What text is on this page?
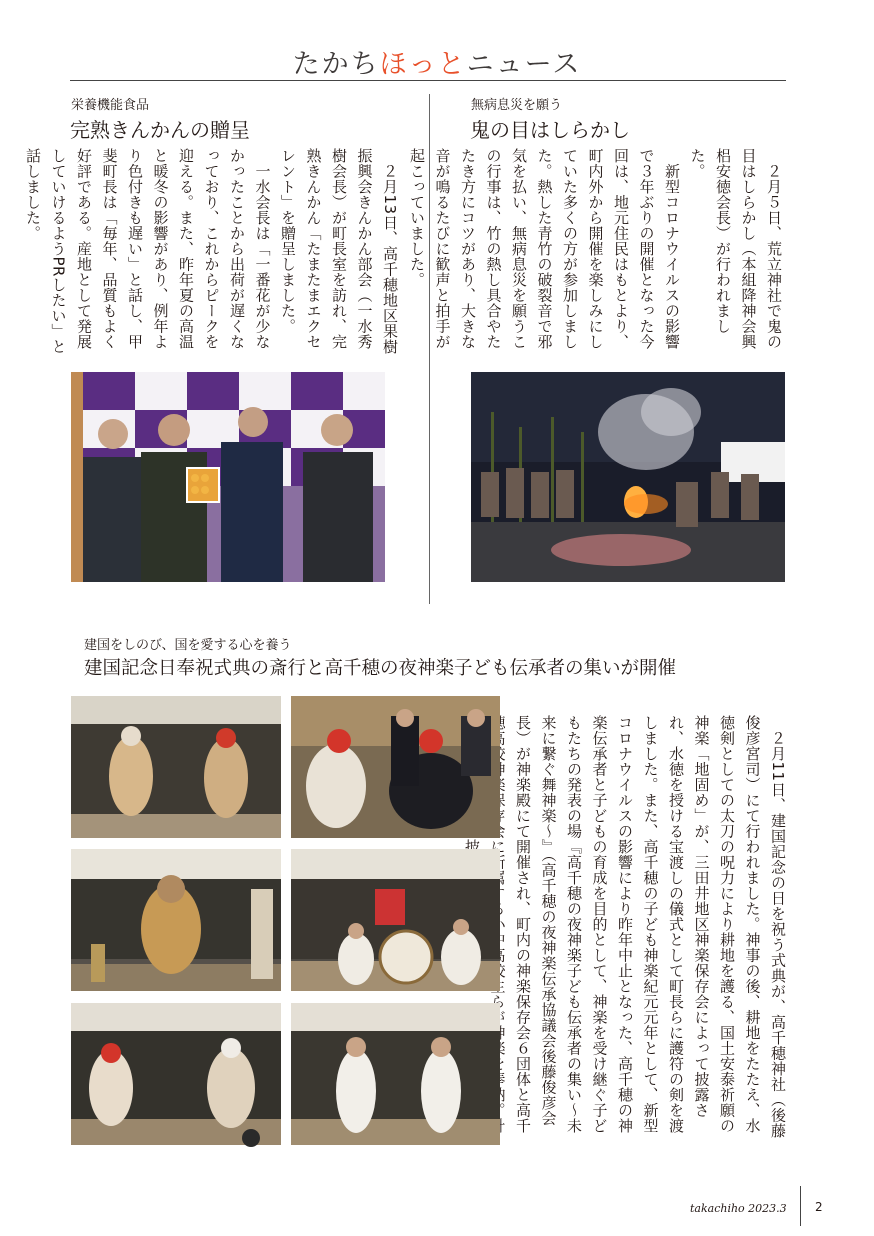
たかちほっとニュース
栄養機能食品
完熟きんかんの贈呈
　２月13日、高千穂地区果樹振興会きんかん部会（一水秀樹会長）が町長室を訪れ、完熟きんかん「たまたまエクセレント」を贈呈しました。
　一水会長は「一番花が少なかったことから出荷が遅くなっており、これからピークを迎える。また、昨年夏の高温と暖冬の影響があり、例年より色付きも遅い」と話し、甲斐町長は「毎年、品質もよく好評である。産地として発展していけるようPRしたい」と話しました。
無病息災を願う
鬼の目はしらかし
　２月５日、荒立神社で鬼の目はしらかし（本組降神会興梠安徳会長）が行われました。
　新型コロナウイルスの影響で３年ぶりの開催となった今回は、地元住民はもとより、町内外から開催を楽しみにしていた多くの方が参加しました。熱した青竹の破裂音で邪気を払い、無病息災を願うこの行事は、竹の熱し具合やたたき方にコツがあり、大きな音が鳴るたびに歓声と拍手が起こっていました。
建国をしのび、国を愛する心を養う
建国記念日奉祝式典の斎行と高千穂の夜神楽子ども伝承者の集いが開催
　２月11日、建国記念の日を祝う式典が、高千穂神社（後藤俊彦宮司）にて行われました。神事の後、耕地をたたえ、水徳剣としての太刀の呪力により耕地を護る、国土安泰祈願の神楽「地固め」が、三田井地区神楽保存会によって披露され、水徳を授ける宝渡しの儀式として町長らに護符の剣を渡しました。また、高千穂の子ども神楽紀元元年として、新型コロナウイルスの影響により昨年中止となった、高千穂の神楽伝承者と子どもの育成を目的として、神楽を受け継ぐ子どもたちの発表の場『高千穂の夜神楽子ども伝承者の集い～未来に繋ぐ舞神楽～』（高千穂の夜神楽伝承協議会後藤俊彦会長）が神楽殿にて開催され、町内の神楽保存会６団体と高千 会に 生らが を披
takachiho 2023.3 2
